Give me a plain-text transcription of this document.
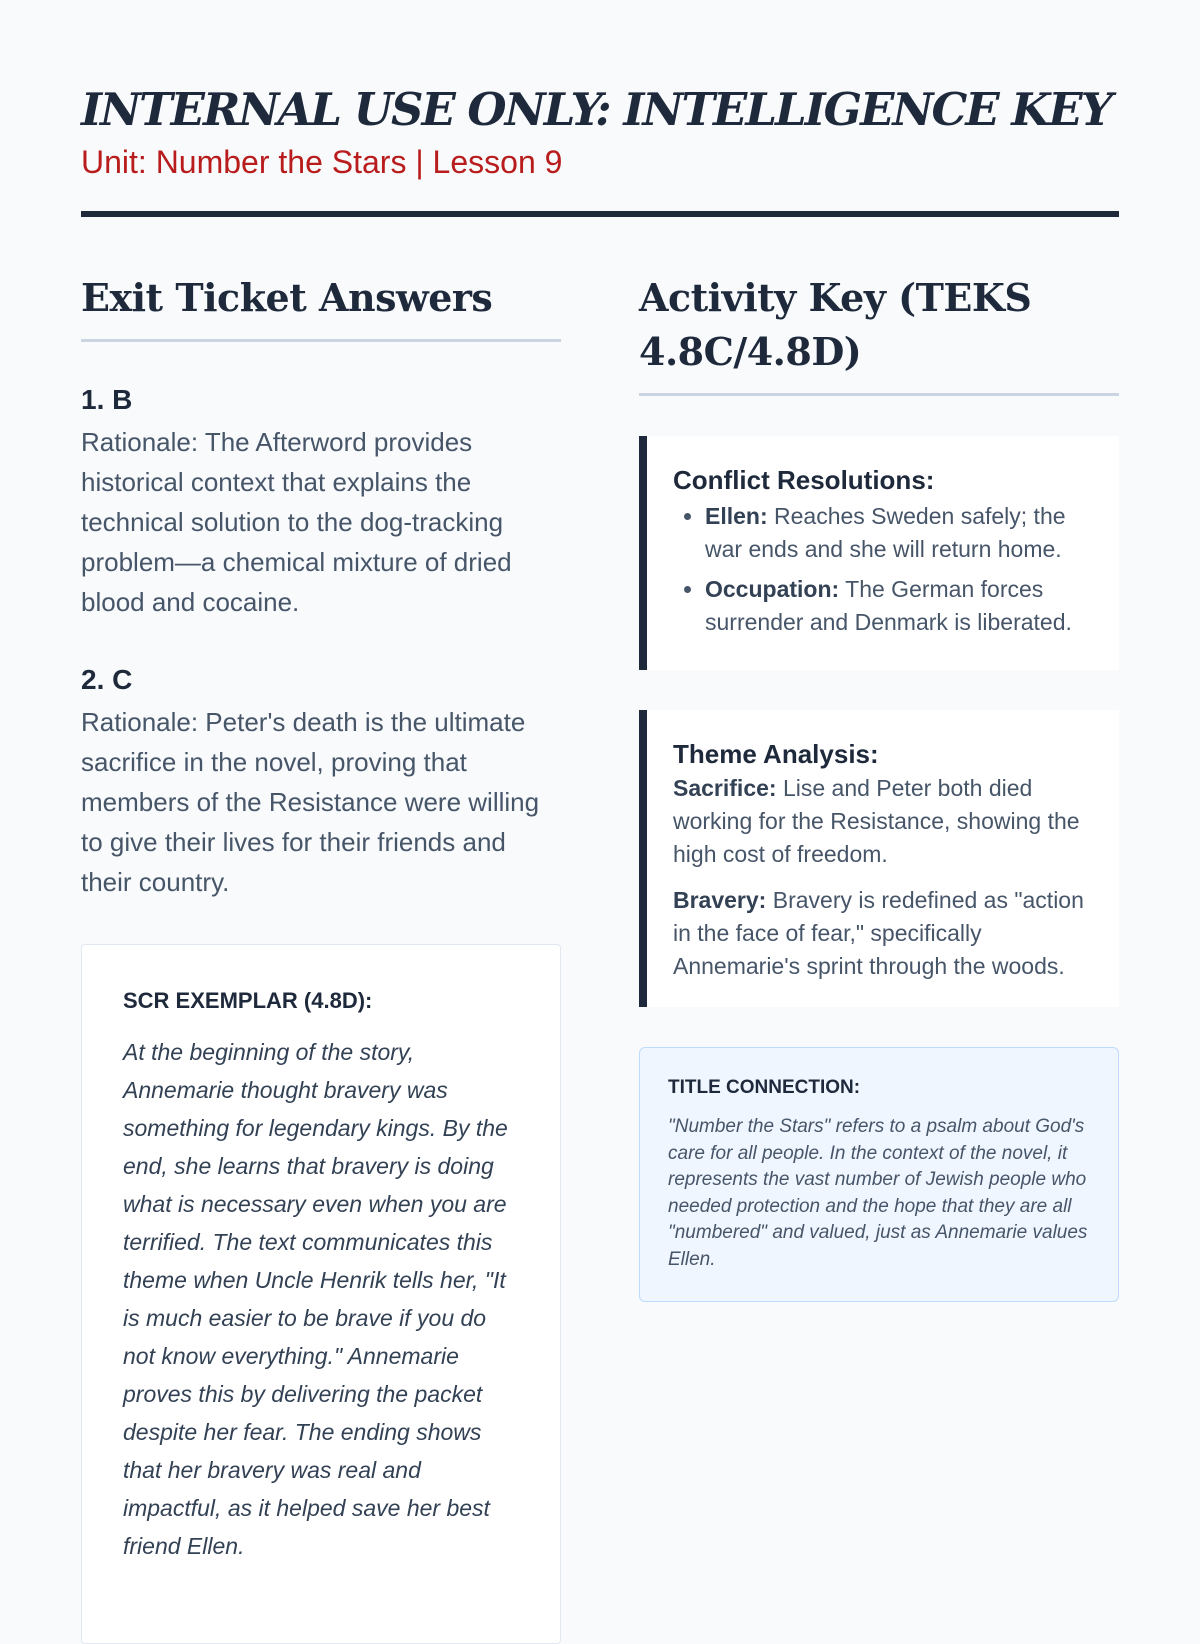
INTERNAL USE ONLY: INTELLIGENCE KEY
Unit: Number the Stars | Lesson 9
Exit Ticket Answers
1. B
Rationale: The Afterword provides historical context that explains the technical solution to the dog-tracking problem—a chemical mixture of dried blood and cocaine.
2. C
Rationale: Peter's death is the ultimate sacrifice in the novel, proving that members of the Resistance were willing to give their lives for their friends and their country.
SCR EXEMPLAR (4.8D):
At the beginning of the story, Annemarie thought bravery was something for legendary kings. By the end, she learns that bravery is doing what is necessary even when you are terrified. The text communicates this theme when Uncle Henrik tells her, "It is much easier to be brave if you do not know everything." Annemarie proves this by delivering the packet despite her fear. The ending shows that her bravery was real and impactful, as it helped save her best friend Ellen.
Activity Key (TEKS 4.8C/4.8D)
Conflict Resolutions:
• Ellen: Reaches Sweden safely; the war ends and she will return home.
• Occupation: The German forces surrender and Denmark is liberated.
Theme Analysis:

Sacrifice: Lise and Peter both died working for the Resistance, showing the high cost of freedom.

Bravery: Bravery is redefined as "action in the face of fear," specifically Annemarie's sprint through the woods.

TITLE CONNECTION:
"Number the Stars" refers to a psalm about God's care for all people. In the context of the novel, it represents the vast number of Jewish people who needed protection and the hope that they are all "numbered" and valued, just as Annemarie values Ellen.
